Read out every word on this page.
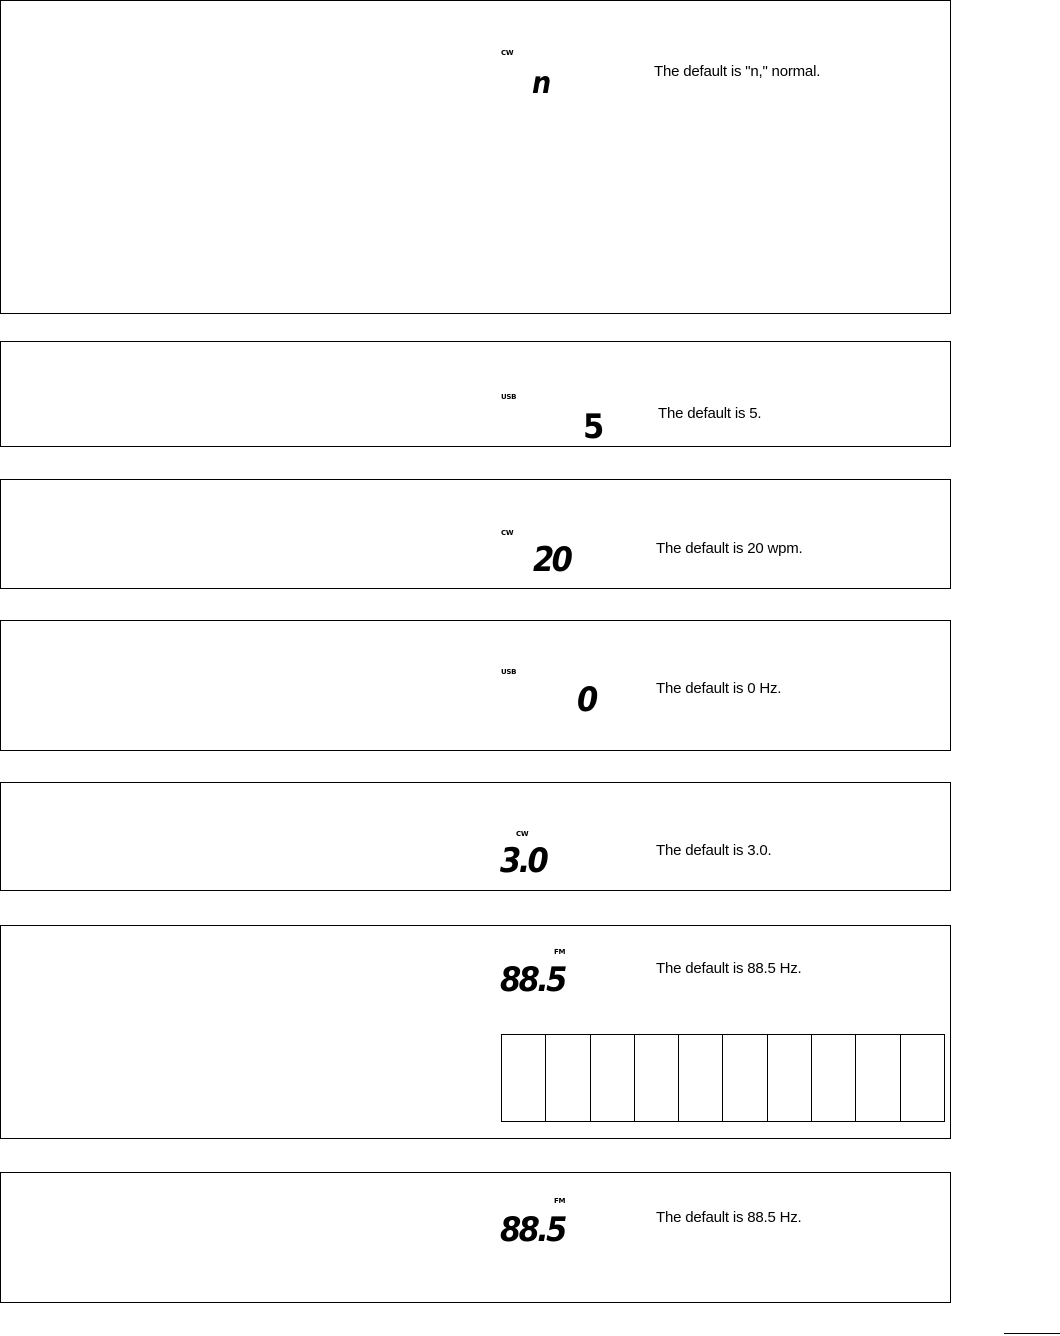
CW
n	The default is "n," normal.
USB
5	The default is 5.
CW
20	The default is 20 wpm.
USB
0	The default is 0 Hz.
CW
3.0	The default is 3.0.
FM
88.5	The default is 88.5 Hz.
FM
88.5	The default is 88.5 Hz.
